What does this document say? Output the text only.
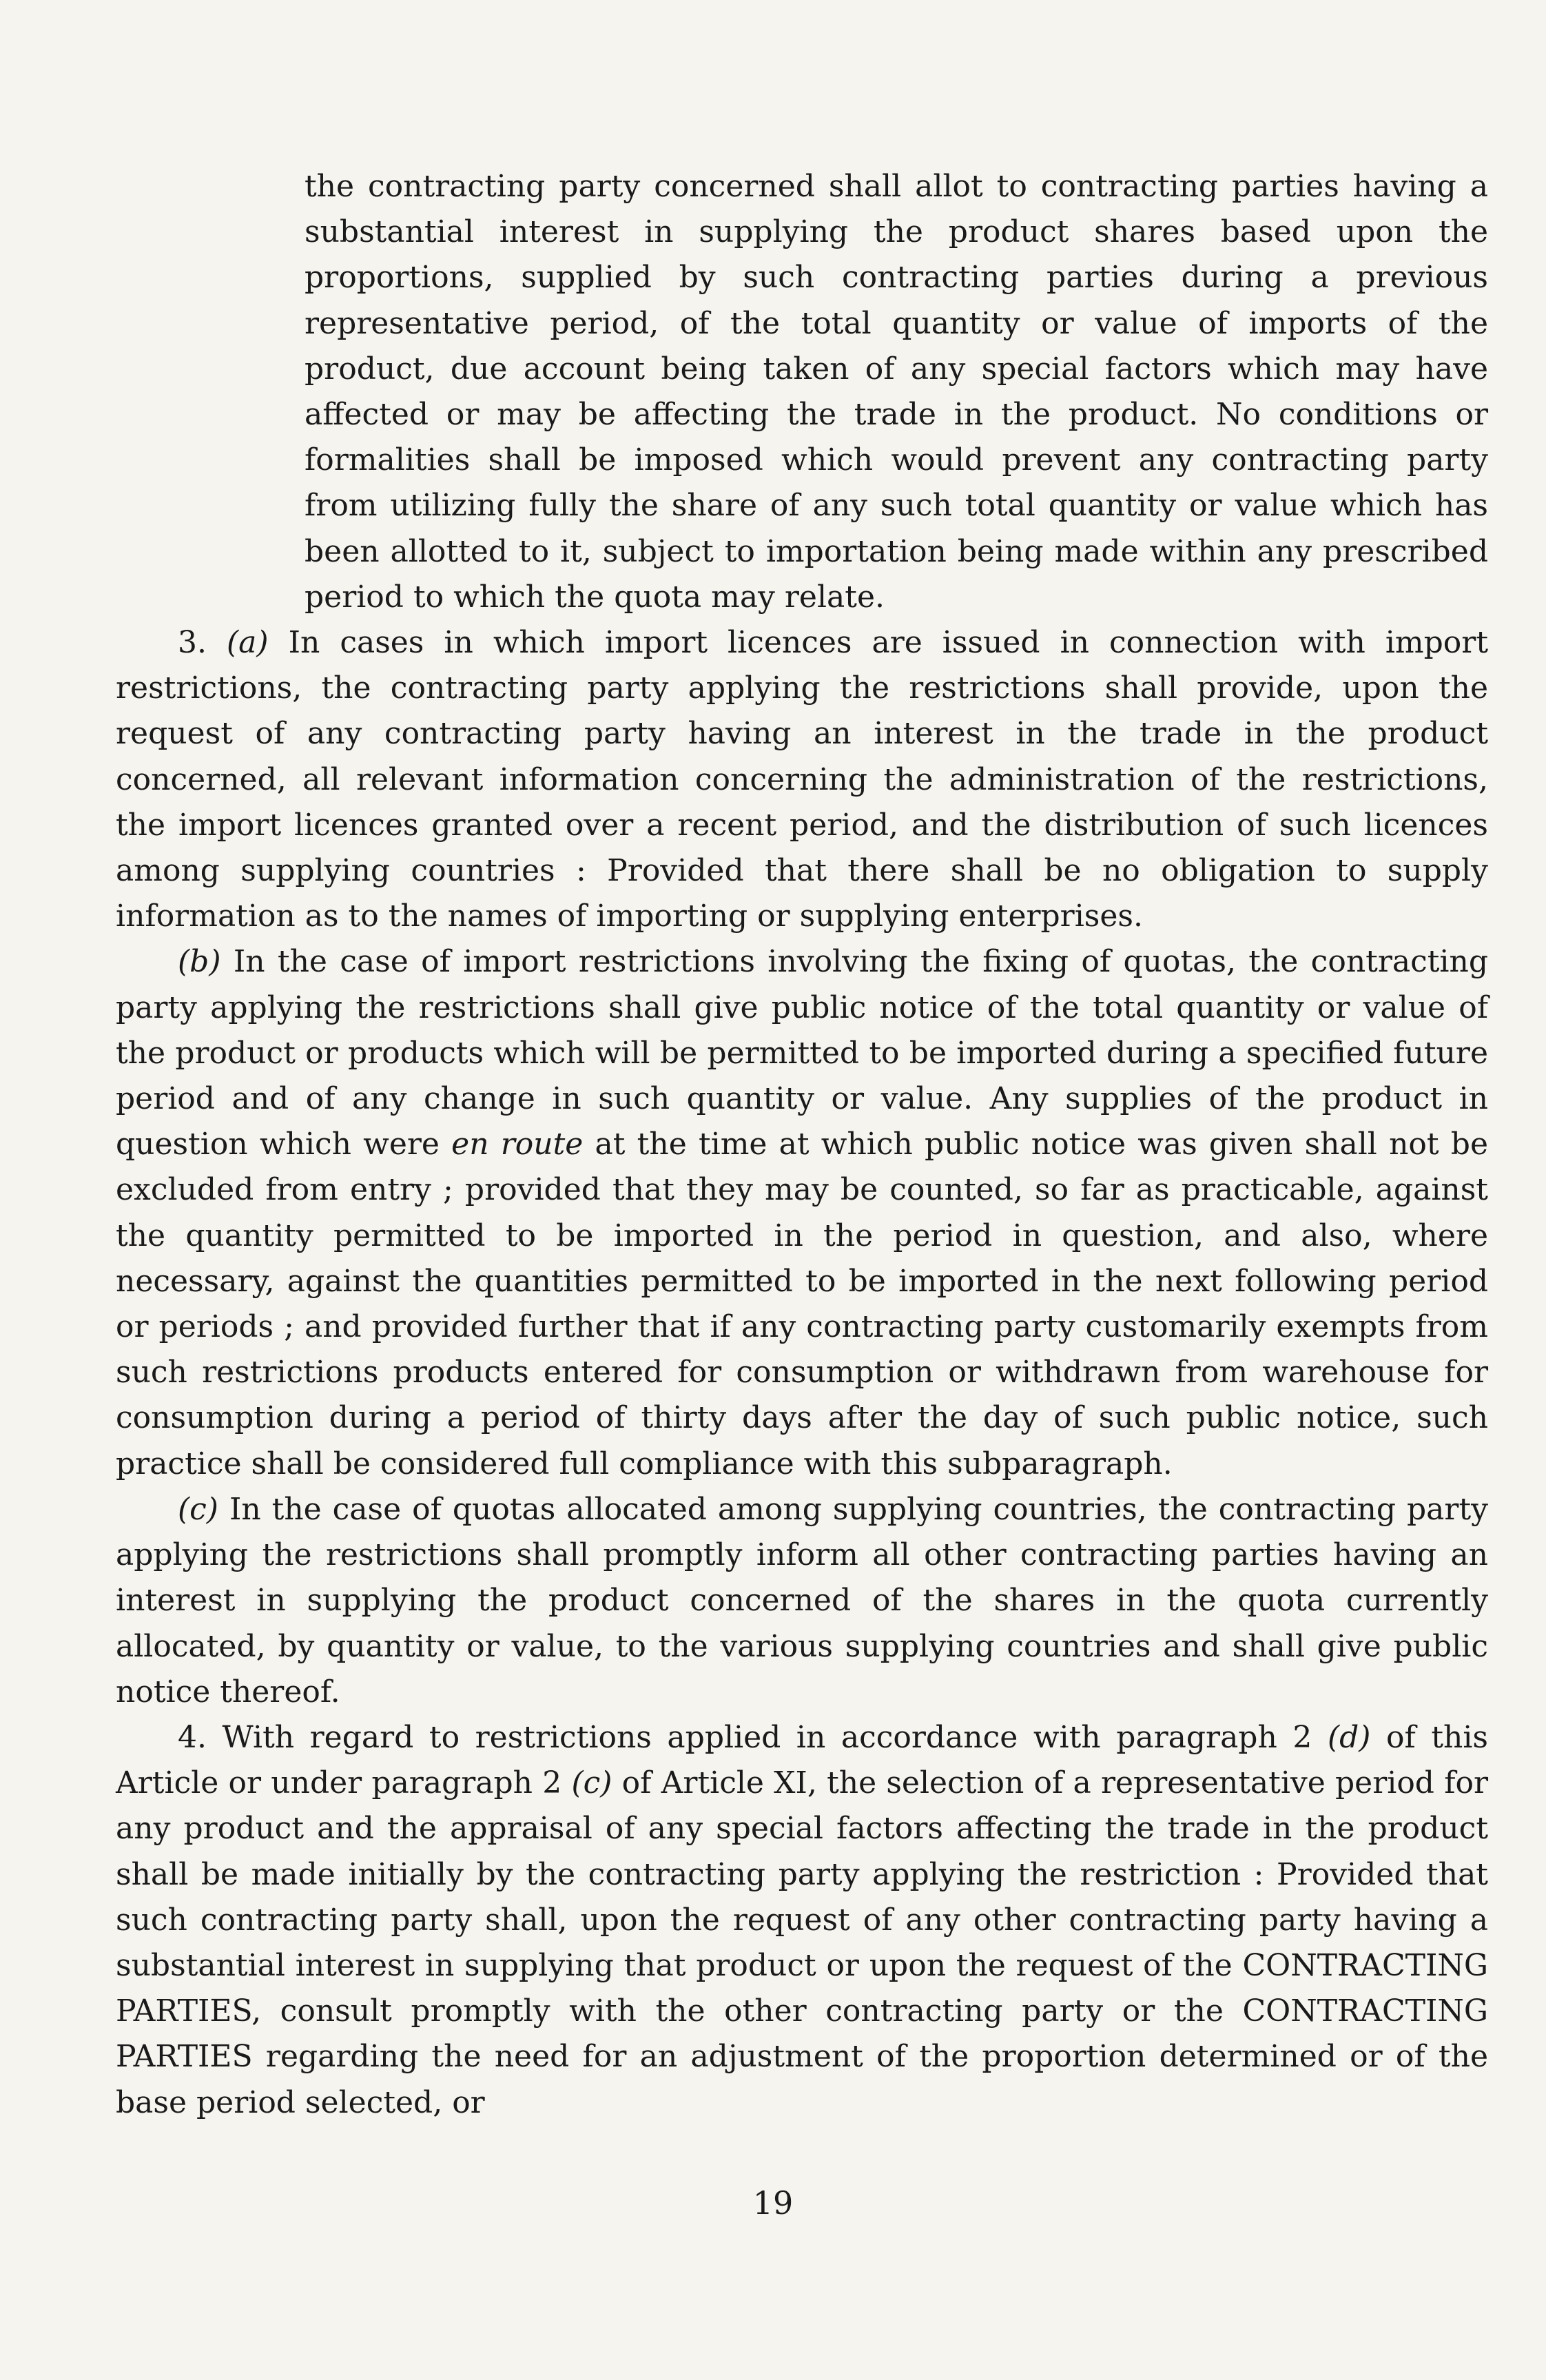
the contracting party concerned shall allot to contracting parties having a substantial interest in supplying the product shares based upon the proportions, supplied by such contracting parties during a previous representative period, of the total quantity or value of imports of the product, due account being taken of any special factors which may have affected or may be affecting the trade in the product. No conditions or formalities shall be imposed which would prevent any contracting party from utilizing fully the share of any such total quantity or value which has been allotted to it, subject to importation being made within any prescribed period to which the quota may relate.

3. (a) In cases in which import licences are issued in connection with import restrictions, the contracting party applying the restrictions shall provide, upon the request of any contracting party having an interest in the trade in the product concerned, all relevant information concerning the administration of the restrictions, the import licences granted over a recent period, and the distribution of such licences among supplying countries : Provided that there shall be no obligation to supply information as to the names of importing or supplying enterprises.

(b) In the case of import restrictions involving the fixing of quotas, the contracting party applying the restrictions shall give public notice of the total quantity or value of the product or products which will be permitted to be imported during a specified future period and of any change in such quantity or value. Any supplies of the product in question which were en route at the time at which public notice was given shall not be excluded from entry ; provided that they may be counted, so far as practicable, against the quantity permitted to be imported in the period in question, and also, where necessary, against the quantities permitted to be imported in the next following period or periods ; and provided further that if any contracting party customarily exempts from such restrictions products entered for consumption or withdrawn from warehouse for consumption during a period of thirty days after the day of such public notice, such practice shall be considered full compliance with this subparagraph.

(c) In the case of quotas allocated among supplying countries, the contracting party applying the restrictions shall promptly inform all other contracting parties having an interest in supplying the product concerned of the shares in the quota currently allocated, by quantity or value, to the various supplying countries and shall give public notice thereof.

4. With regard to restrictions applied in accordance with paragraph 2 (d) of this Article or under paragraph 2 (c) of Article XI, the selection of a representative period for any product and the appraisal of any special factors affecting the trade in the product shall be made initially by the contracting party applying the restriction : Provided that such contracting party shall, upon the request of any other contracting party having a substantial interest in supplying that product or upon the request of the CONTRACTING PARTIES, consult promptly with the other contracting party or the CONTRACTING PARTIES regarding the need for an adjustment of the proportion determined or of the base period selected, or

19
